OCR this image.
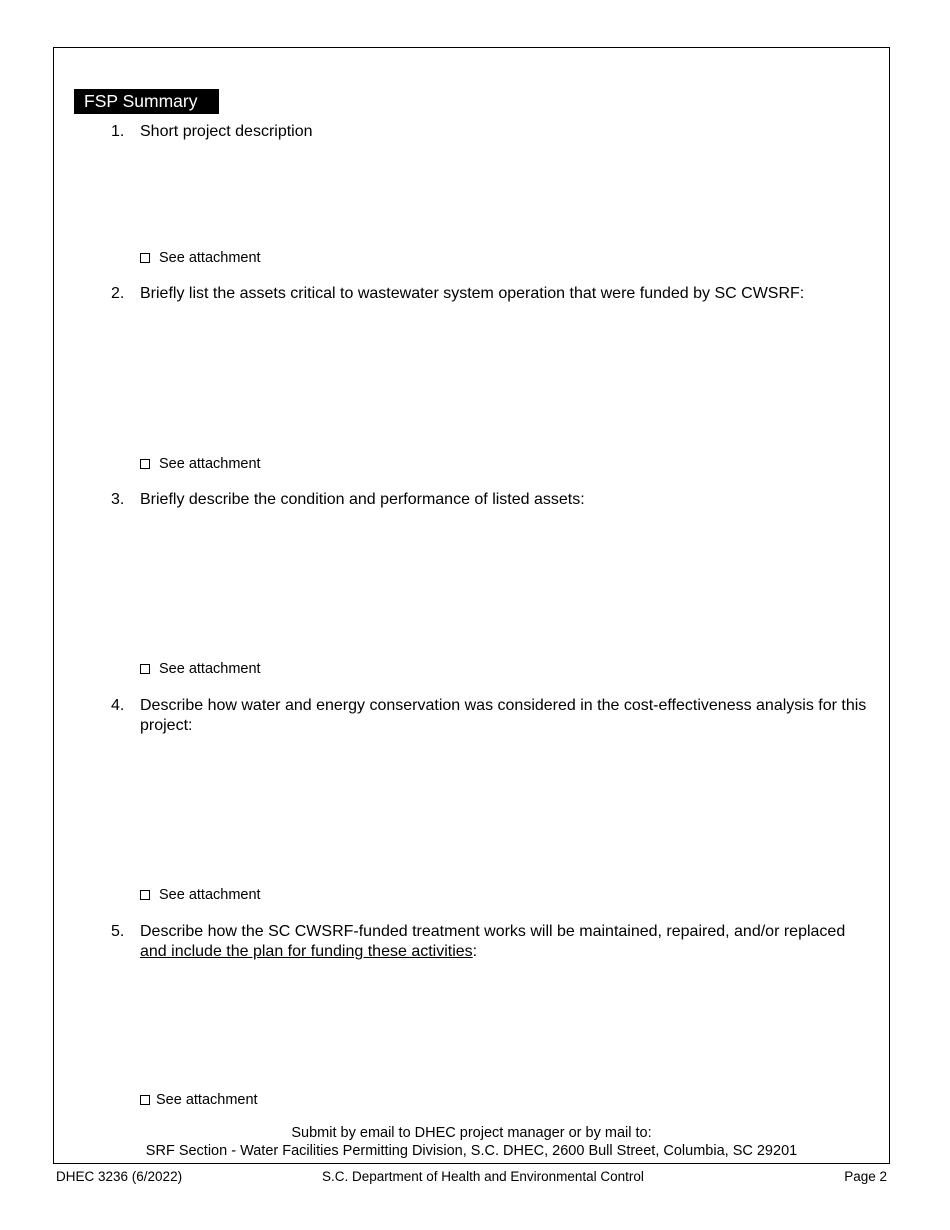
FSP Summary
1. Short project description
See attachment
2. Briefly list the assets critical to wastewater system operation that were funded by SC CWSRF:
See attachment
3. Briefly describe the condition and performance of listed assets:
See attachment
4. Describe how water and energy conservation was considered in the cost-effectiveness analysis for this project:
See attachment
5. Describe how the SC CWSRF-funded treatment works will be maintained, repaired, and/or replaced and include the plan for funding these activities:
See attachment
Submit by email to DHEC project manager or by mail to:
SRF Section - Water Facilities Permitting Division, S.C. DHEC, 2600 Bull Street, Columbia, SC 29201
DHEC 3236 (6/2022)	S.C. Department of Health and Environmental Control	Page 2
